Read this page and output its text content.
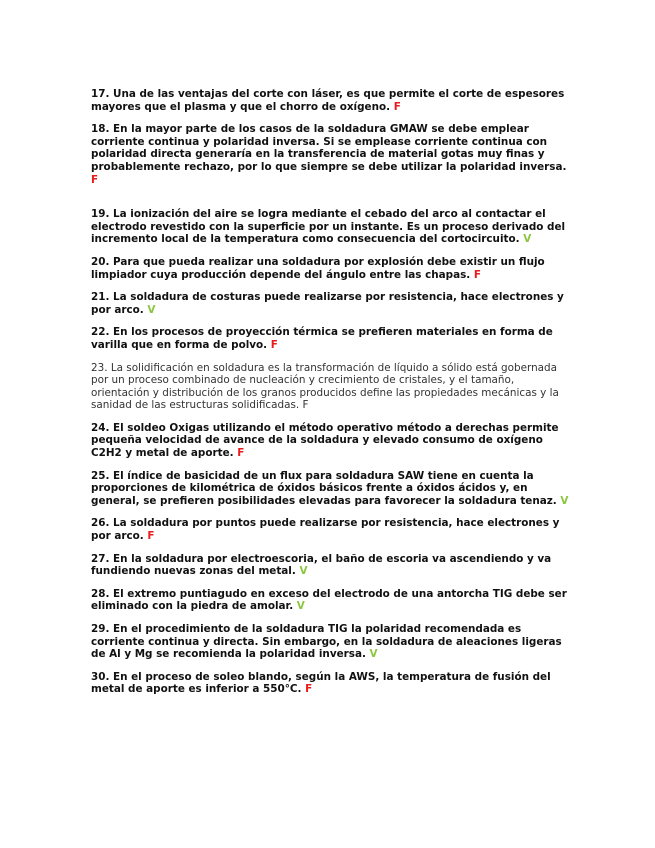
17. Una de las ventajas del corte con láser, es que permite el corte de espesores mayores que el plasma y que el chorro de oxígeno. F

18. En la mayor parte de los casos de la soldadura GMAW se debe emplear corriente continua y polaridad inversa. Si se emplease corriente continua con polaridad directa generaría en la transferencia de material gotas muy finas y probablemente rechazo, por lo que siempre se debe utilizar la polaridad inversa. F

19. La ionización del aire se logra mediante el cebado del arco al contactar el electrodo revestido con la superficie por un instante. Es un proceso derivado del incremento local de la temperatura como consecuencia del cortocircuito. V

20. Para que pueda realizar una soldadura por explosión debe existir un flujo limpiador cuya producción depende del ángulo entre las chapas. F

21. La soldadura de costuras puede realizarse por resistencia, hace electrones y por arco. V

22. En los procesos de proyección térmica se prefieren materiales en forma de varilla que en forma de polvo. F

23. La solidificación en soldadura es la transformación de líquido a sólido está gobernada por un proceso combinado de nucleación y crecimiento de cristales, y el tamaño, orientación y distribución de los granos producidos define las propiedades mecánicas y la sanidad de las estructuras solidificadas. F

24. El soldeo Oxigas utilizando el método operativo método a derechas permite pequeña velocidad de avance de la soldadura y elevado consumo de oxígeno C2H2 y metal de aporte. F

25. El índice de basicidad de un flux para soldadura SAW tiene en cuenta la proporciones de kilométrica de óxidos básicos frente a óxidos ácidos y, en general, se prefieren posibilidades elevadas para favorecer la soldadura tenaz. V

26. La soldadura por puntos puede realizarse por resistencia, hace electrones y por arco. F

27. En la soldadura por electroescoria, el baño de escoria va ascendiendo y va fundiendo nuevas zonas del metal. V

28. El extremo puntiagudo en exceso del electrodo de una antorcha TIG debe ser eliminado con la piedra de amolar. V

29. En el procedimiento de la soldadura TIG la polaridad recomendada es corriente continua y directa. Sin embargo, en la soldadura de aleaciones ligeras de Al y Mg se recomienda la polaridad inversa. V

30. En el proceso de soleo blando, según la AWS, la temperatura de fusión del metal de aporte es inferior a 550°C. F
